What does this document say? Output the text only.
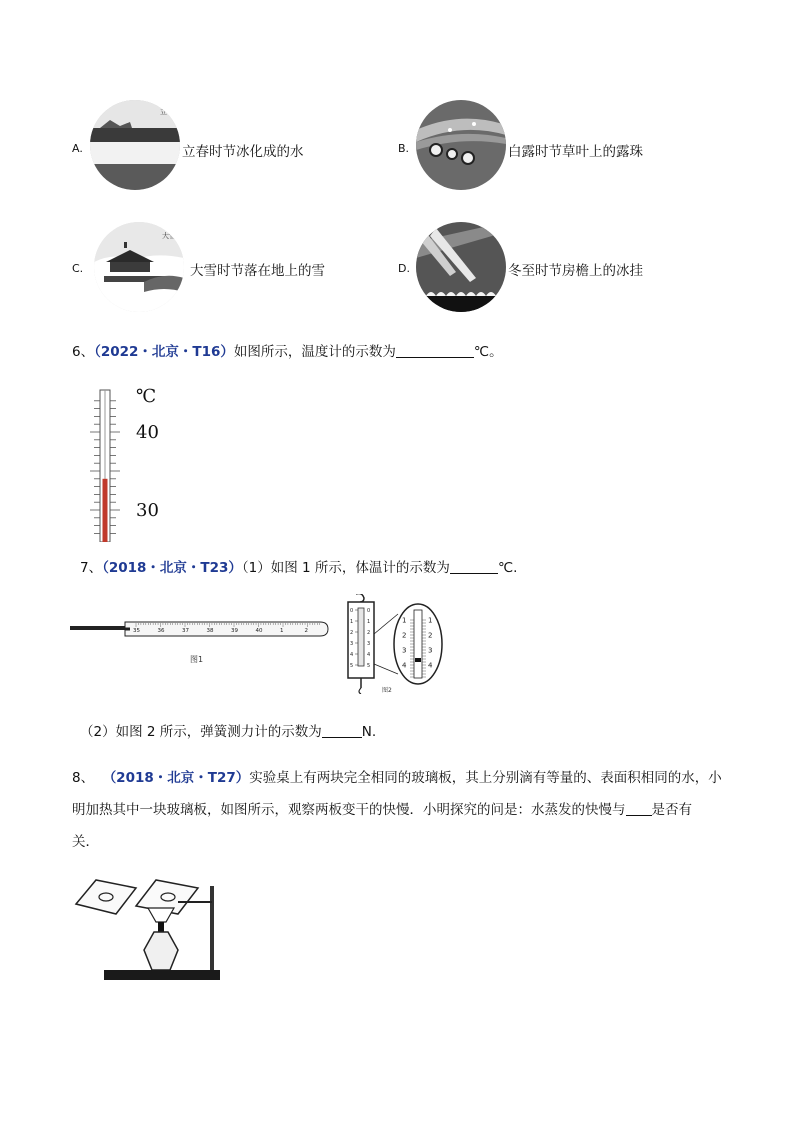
立春
A.	立春时节冰化成的水	B.	白露时节草叶上的露珠
大雪
C.	大雪时节落在地上的雪	D.	冬至时节房檐上的冰挂
6、（2022・北京・T16）如图所示，温度计的示数为	℃。
℃
40
30
7、（2018・北京・T23）（1）如图 1 所示，体温计的示数为	℃.
35	36	37	38	39	40	1	2
图1
0	0
1	1
2	2
3	3
4	4
5	5
1	1
2	2
3	3
4	4
图2
（2）如图 2 所示，弹簧测力计的示数为	N.
8、 （2018・北京・T27）实验桌上有两块完全相同的玻璃板，其上分别滴有等量的、表面积相同的水，小
明加热其中一块玻璃板，如图所示，观察两板变干的快慢．小明探究的问是：水蒸发的快慢与 是否有
关．
